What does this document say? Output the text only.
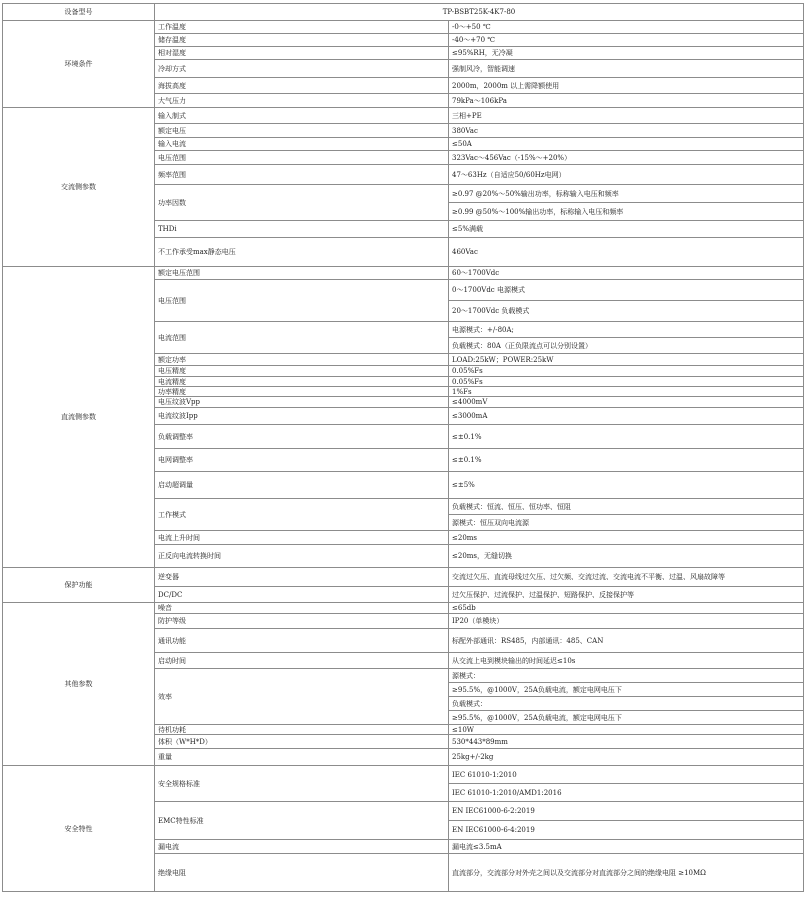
设备型号	TP-BSBT25K-4K7-80	
环境条件	工作温度	-0～+50 ℃
	储存温度	-40～+70 ℃
	相对湿度	≤95%RH，无冷凝
	冷却方式	强制风冷，智能调速
	海拔高度	2000m，2000m 以上需降额使用
	大气压力	79kPa～106kPa
交流侧参数	输入制式	三相+PE
	额定电压	380Vac
	输入电流	≤50A
	电压范围	323Vac～456Vac（-15%～+20%）
	频率范围	47～63Hz（自适应50/60Hz电网）
	功率因数	≥0.97 @20%～50%输出功率，标称输入电压和频率
		≥0.99 @50%～100%输出功率，标称输入电压和频率
	THDi	≤5%满载
	不工作承受max静态电压	460Vac
直流侧参数	额定电压范围	60～1700Vdc
	电压范围	0～1700Vdc 电源模式
		20～1700Vdc 负载模式
	电流范围	电源模式：+/-80A;
		负载模式：80A（正负限流点可以分别设置）
	额定功率	LOAD:25kW；POWER:25kW
	电压精度	0.05%Fs
	电流精度	0.05%Fs
	功率精度	1%Fs
	电压纹波Vpp	≤4000mV
	电流纹波Ipp	≤3000mA
	负载调整率	≤±0.1%
	电网调整率	≤±0.1%
	启动超调量	≤±5%
	工作模式	负载模式：恒流、恒压、恒功率、恒阻
		源模式：恒压双向电流源
	电流上升时间	≤20ms
	正反向电流转换时间	≤20ms，无缝切换
保护功能	逆变器	交流过欠压、直流母线过欠压、过欠频、交流过流、交流电流不平衡、过温、风扇故障等
	DC/DC	过欠压保护、过流保护、过温保护、短路保护、反接保护等
其他参数	噪音	≤65db
	防护等级	IP20（单模块）
	通讯功能	标配外部通讯：RS485，内部通讯：485、CAN
	启动时间	从交流上电到模块输出的时间延迟≤10s
	效率	源模式：
		≥95.5%，@1000V，25A负载电流，额定电网电压下
		负载模式：
		≥95.5%，@1000V，25A负载电流，额定电网电压下
	待机功耗	≤10W
	体积（W*H*D）	530*443*89mm
	重量	25kg+/-2kg
安全特性	安全规格标准	IEC 61010-1:2010
		IEC 61010-1:2010/AMD1:2016
	EMC特性标准	EN IEC61000-6-2:2019
		EN IEC61000-6-4:2019
	漏电流	漏电流≤3.5mA
	绝缘电阻	直流部分，交流部分对外壳之间以及交流部分对直流部分之间的绝缘电阻 ≥10MΩ
